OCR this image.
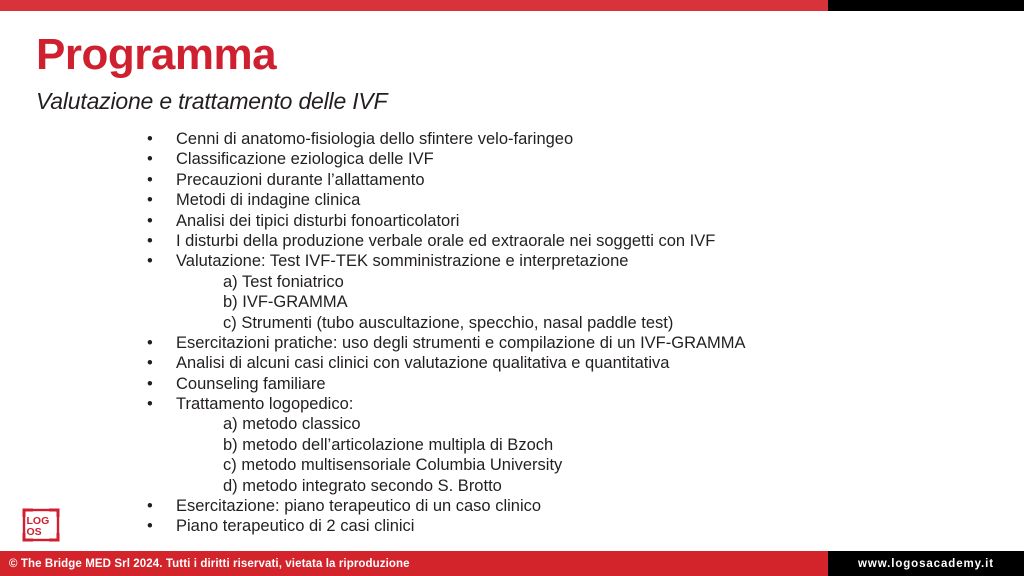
Programma
Valutazione e trattamento delle IVF
• Cenni di anatomo-fisiologia dello sfintere velo-faringeo
• Classificazione eziologica delle IVF
• Precauzioni durante l’allattamento
• Metodi di indagine clinica
• Analisi dei tipici disturbi fonoarticolatori
• I disturbi della produzione verbale orale ed extraorale nei soggetti con IVF
• Valutazione: Test IVF-TEK somministrazione e interpretazione
a) Test foniatrico
b) IVF-GRAMMA
c) Strumenti (tubo auscultazione, specchio, nasal paddle test)
• Esercitazioni pratiche: uso degli strumenti e compilazione di un IVF-GRAMMA
• Analisi di alcuni casi clinici con valutazione qualitativa e quantitativa
• Counseling familiare
• Trattamento logopedico:
a) metodo classico
b) metodo dell’articolazione multipla di Bzoch
c) metodo multisensoriale Columbia University
d) metodo integrato secondo S. Brotto
• Esercitazione: piano terapeutico di un caso clinico
• Piano terapeutico di 2 casi clinici
LOG
OS
© The Bridge MED Srl 2024. Tutti i diritti riservati, vietata la riproduzione	www.logosacademy.it
